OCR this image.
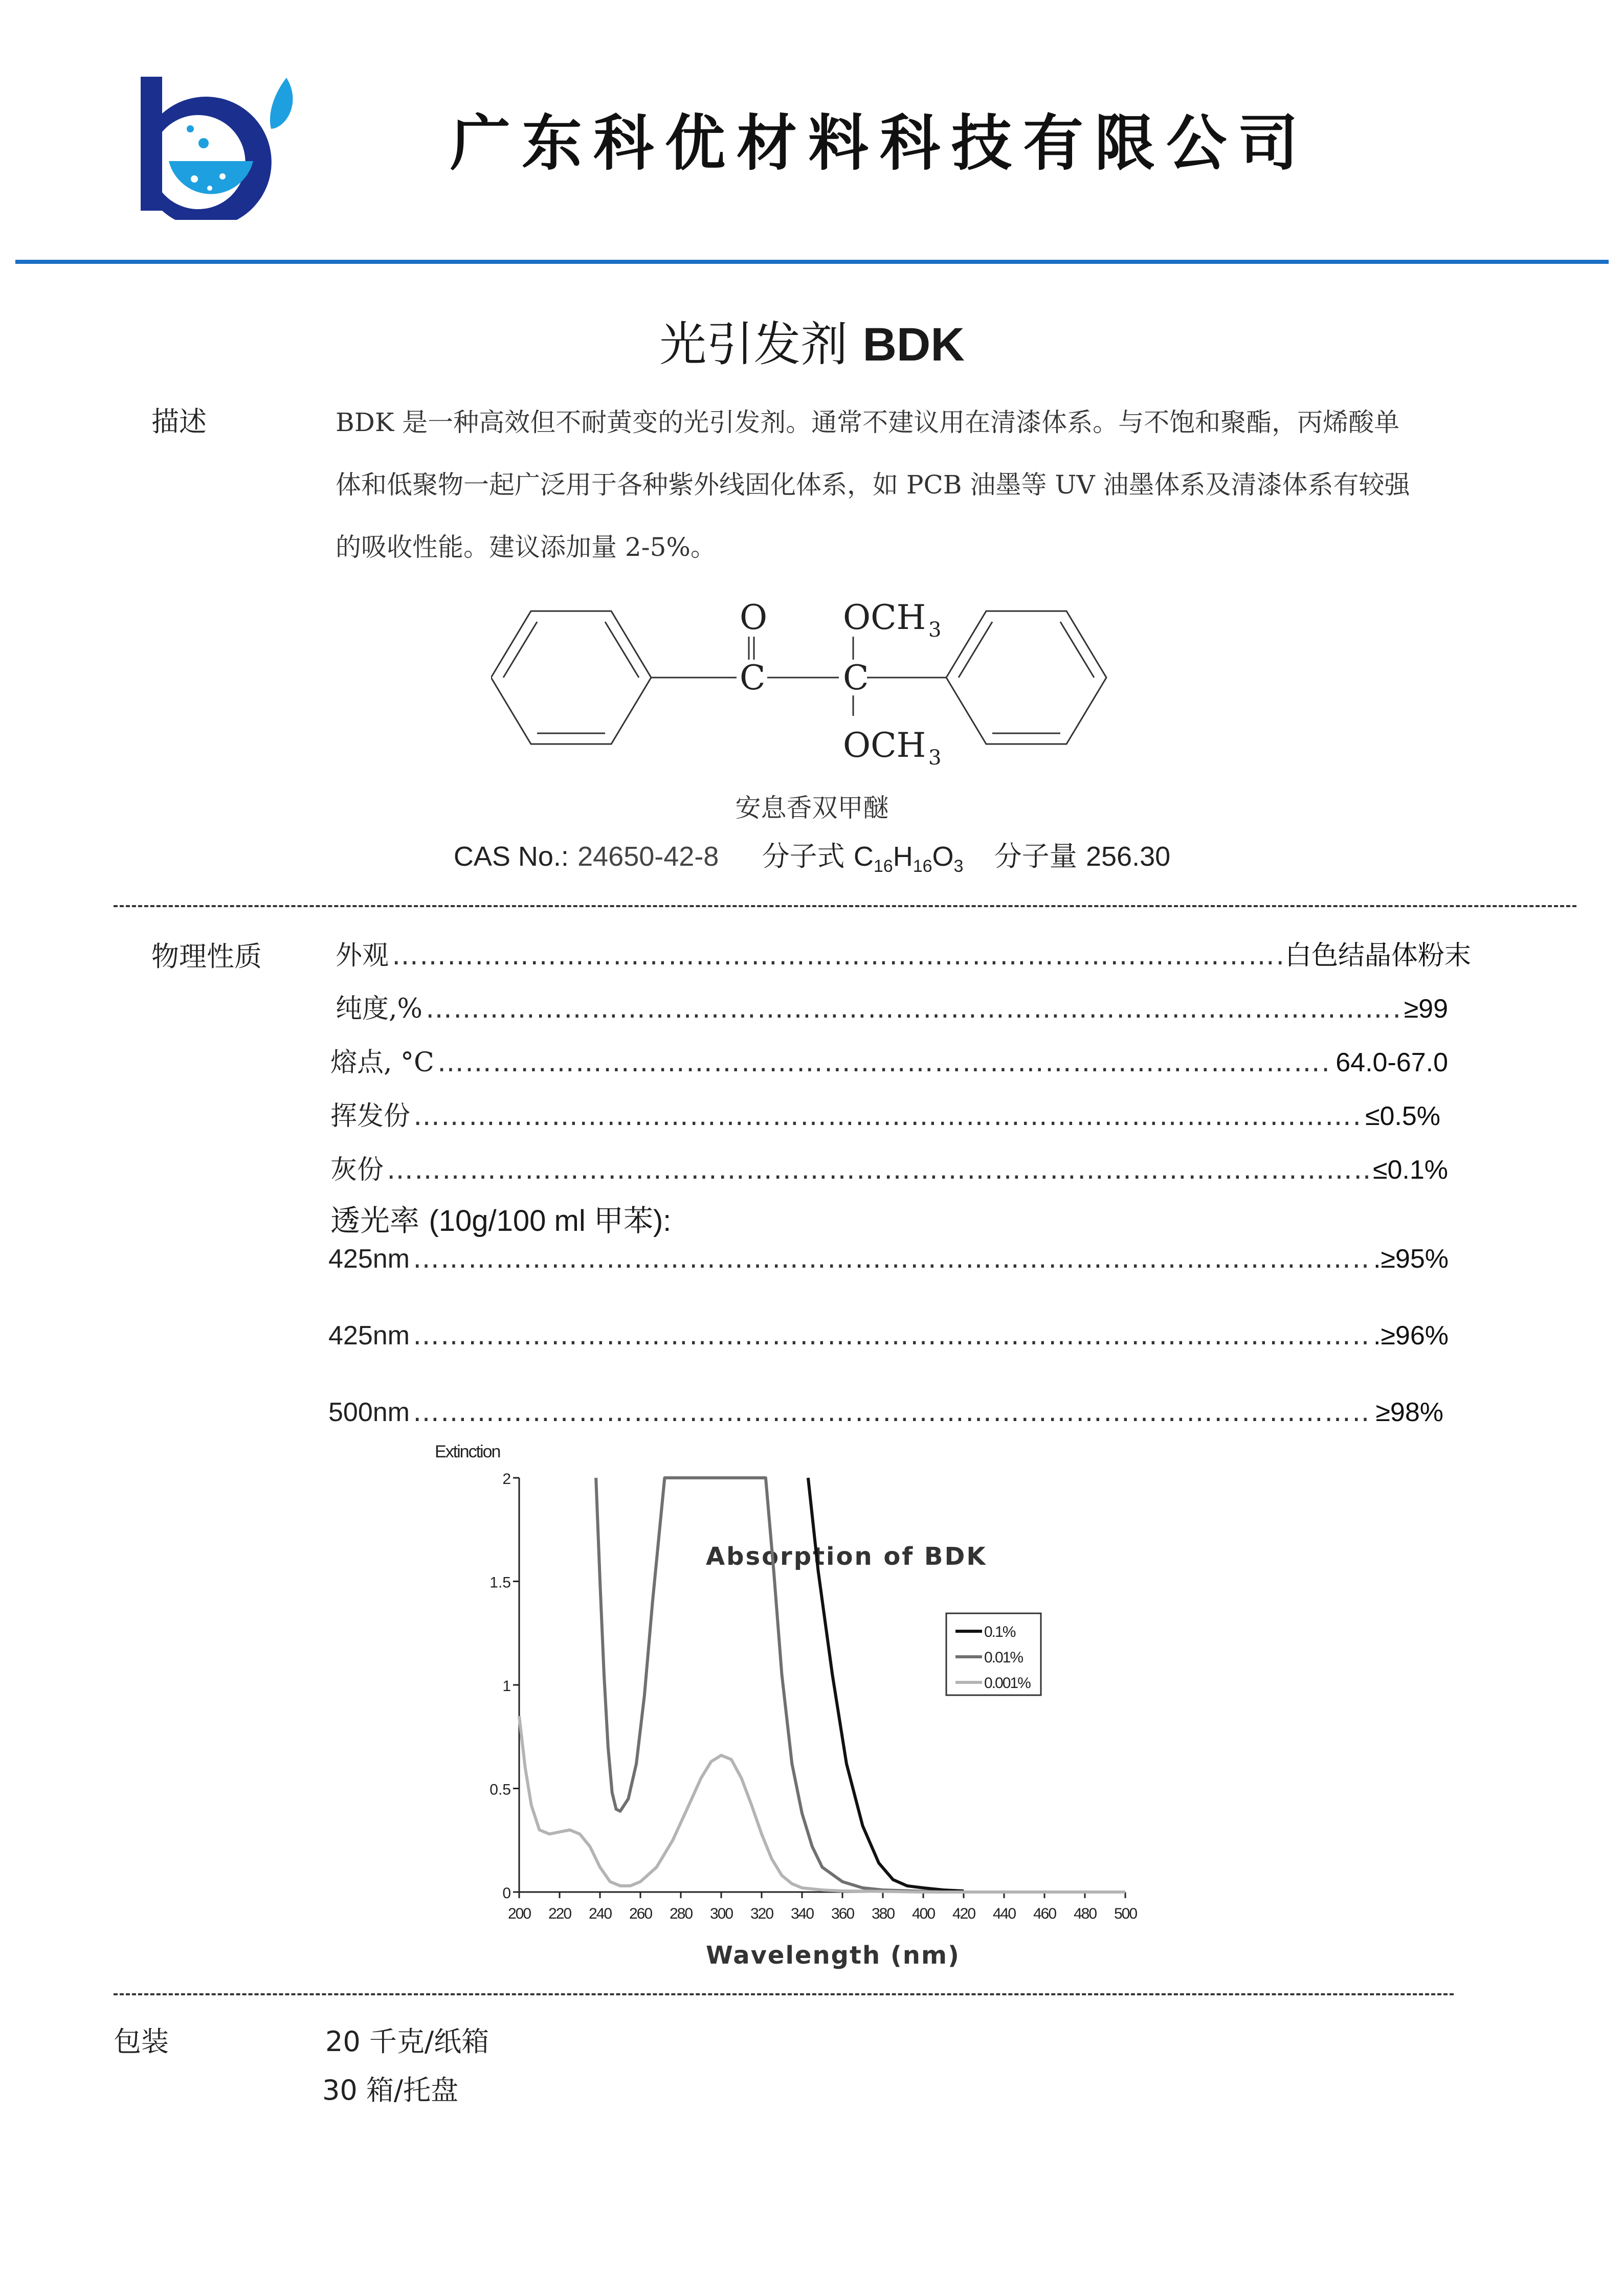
广东科优材料科技有限公司
光引发剂 BDK
描述	BDK 是一种高效但不耐黄变的光引发剂。通常不建议用在清漆体系。与不饱和聚酯，丙烯酸单
体和低聚物一起广泛用于各种紫外线固化体系，如 PCB 油墨等 UV 油墨体系及清漆体系有较强
的吸收性能。建议添加量 2-5%。
O
C C
OCH 3
OCH 3
安息香双甲醚
CAS No.: 24650-42-8 分子式 $C_{16}H_{16}O_3$ 分子量 256.30
物理性质	外观 ……………………………………………………………………………………………………………………………………………………………………………………………………	白色结晶体粉末
纯度,% ……………………………………………………………………………………………………………………………………………………………………………………………………	≥99
熔点, °C ……………………………………………………………………………………………………………………………………………………………………………………………………	64.0-67.0
挥发份 ……………………………………………………………………………………………………………………………………………………………………………………………………	≤0.5%
灰份 ……………………………………………………………………………………………………………………………………………………………………………………………………	≤0.1%
透光率 (10g/100 ml 甲苯):
425nm ……………………………………………………………………………………………………………………………………………………………………………………………………	.≥95%
425nm ……………………………………………………………………………………………………………………………………………………………………………………………………	.≥96%
500nm ……………………………………………………………………………………………………………………………………………………………………………………………………	≥98%
Extinction
Absorption of BDK
Wavelength (nm)
0
0.5
1
1.5
2
200 220 240 260 280 300 320 340 360 380 400 420 440 460 480 500
0.1%
0.01%
0.001%
包装	20 千克/纸箱
30 箱/托盘
